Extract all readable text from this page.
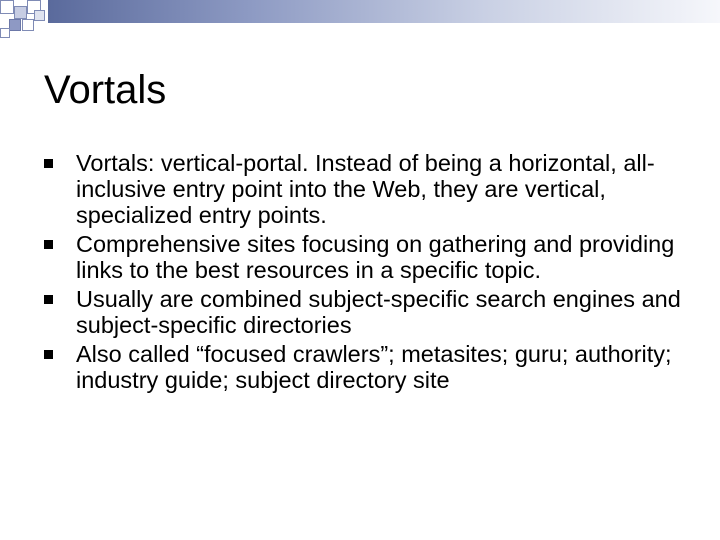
Vortals
Vortals: vertical-portal. Instead of being a horizontal, all-inclusive entry point into the Web, they are vertical, specialized entry points.
Comprehensive sites focusing on gathering and providing links to the best resources in a specific topic.
Usually are combined subject-specific search engines and subject-specific directories
Also called “focused crawlers”; metasites; guru; authority; industry guide; subject directory site
